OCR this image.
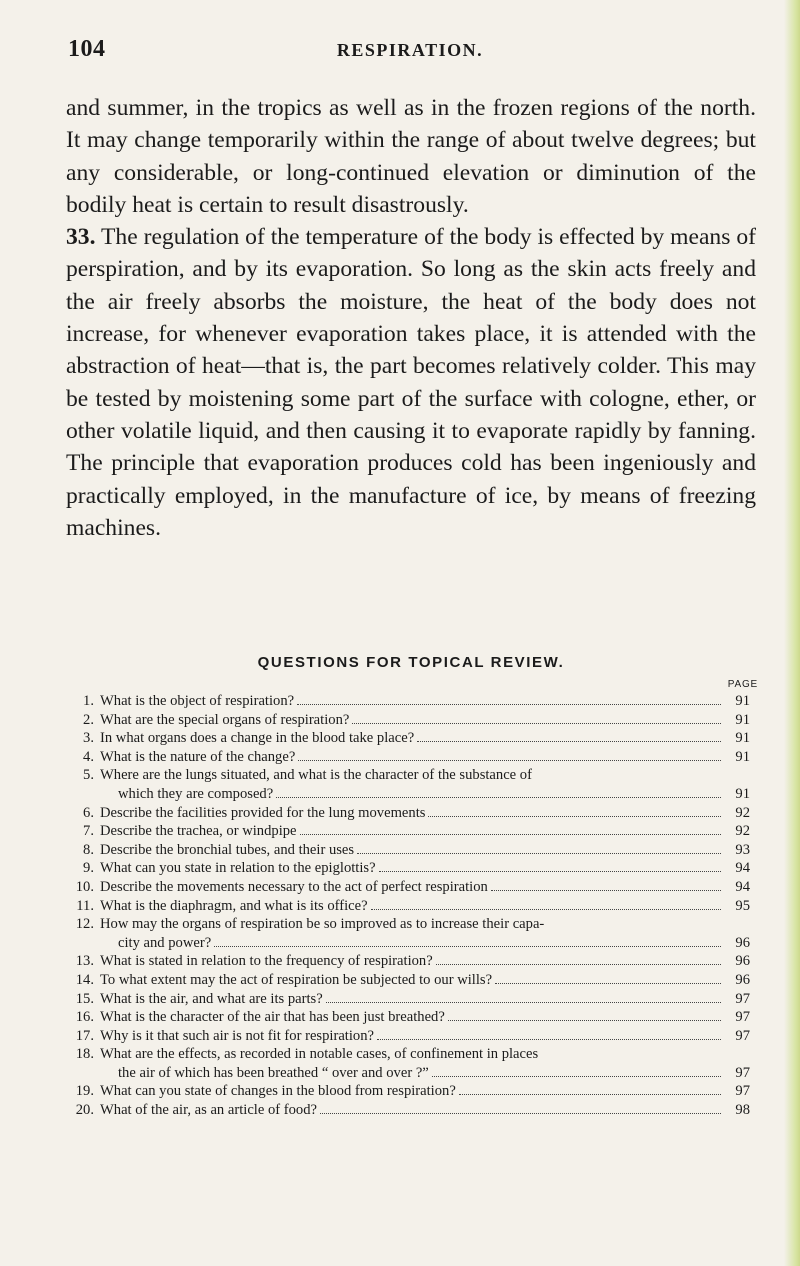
104	RESPIRATION.

and summer, in the tropics as well as in the frozen regions of the north. It may change temporarily within the range of about twelve degrees; but any considerable, or long-continued elevation or diminution of the bodily heat is certain to result disastrously.

33. The regulation of the temperature of the body is effected by means of perspiration, and by its evaporation. So long as the skin acts freely and the air freely absorbs the moisture, the heat of the body does not increase, for whenever evaporation takes place, it is attended with the abstraction of heat—that is, the part becomes relatively colder. This may be tested by moistening some part of the surface with cologne, ether, or other volatile liquid, and then causing it to evaporate rapidly by fanning. The principle that evaporation produces cold has been ingeniously and practically employed, in the manufacture of ice, by means of freezing machines.

QUESTIONS FOR TOPICAL REVIEW.
PAGE
1. What is the object of respiration?	91
2. What are the special organs of respiration?	91
3. In what organs does a change in the blood take place?	91
4. What is the nature of the change?	91
5. Where are the lungs situated, and what is the character of the substance of
which they are composed?	91
6. Describe the facilities provided for the lung movements	92
7. Describe the trachea, or windpipe	92
8. Describe the bronchial tubes, and their uses	93
9. What can you state in relation to the epiglottis?	94
10. Describe the movements necessary to the act of perfect respiration	94
11. What is the diaphragm, and what is its office?	95
12. How may the organs of respiration be so improved as to increase their capa-
city and power?	96
13. What is stated in relation to the frequency of respiration?	96
14. To what extent may the act of respiration be subjected to our wills?	96
15. What is the air, and what are its parts?	97
16. What is the character of the air that has been just breathed?	97
17. Why is it that such air is not fit for respiration?	97
18. What are the effects, as recorded in notable cases, of confinement in places
the air of which has been breathed “ over and over ?”	97
19. What can you state of changes in the blood from respiration?	97
20. What of the air, as an article of food?	98
